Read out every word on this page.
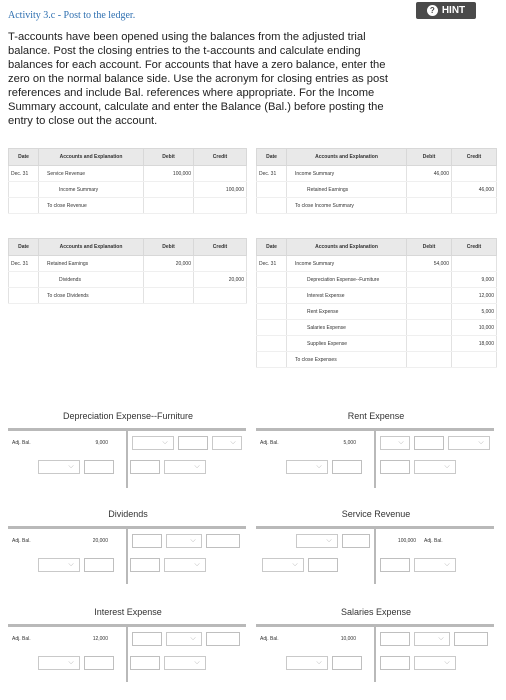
Activity 3.c - Post to the ledger.	? HINT
T-accounts have been opened using the balances from the adjusted trial balance. Post the closing entries to the t-accounts and calculate ending balances for each account. For accounts that have a zero balance, enter the zero on the normal balance side. Use the acronym for closing entries as post references and include Bal. references where appropriate. For the Income Summary account, calculate and enter the Balance (Bal.) before posting the entry to close out the account.
Date	Accounts and Explanation	Debit	Credit
Dec. 31	Service Revenue	100,000	
	Income Summary		100,000
	To close Revenue		
Date	Accounts and Explanation	Debit	Credit
Dec. 31	Income Summary	46,000	
	Retained Earnings		46,000
	To close Income Summary		
Date	Accounts and Explanation	Debit	Credit
Dec. 31	Retained Earnings	20,000	
	Dividends		20,000
	To close Dividends		
Date	Accounts and Explanation	Debit	Credit
Dec. 31	Income Summary	54,000	
	Depreciation Expense--Furniture		9,000
	Interest Expense		12,000
	Rent Expense		5,000
	Salaries Expense		10,000
	Supplies Expense		18,000
	To close Expenses		
Depreciation Expense--Furniture
Adj. Bal.	9,000	⌵	⌵
⌵	⌵
Rent Expense
Adj. Bal.	5,000	⌵	⌵
⌵	⌵
Dividends
Adj. Bal.	20,000	⌵
⌵	⌵
Service Revenue
⌵	100,000 Adj. Bal.
⌵	⌵
Interest Expense
Adj. Bal.	12,000	⌵
⌵	⌵
Salaries Expense
Adj. Bal.	10,000	⌵
⌵	⌵
